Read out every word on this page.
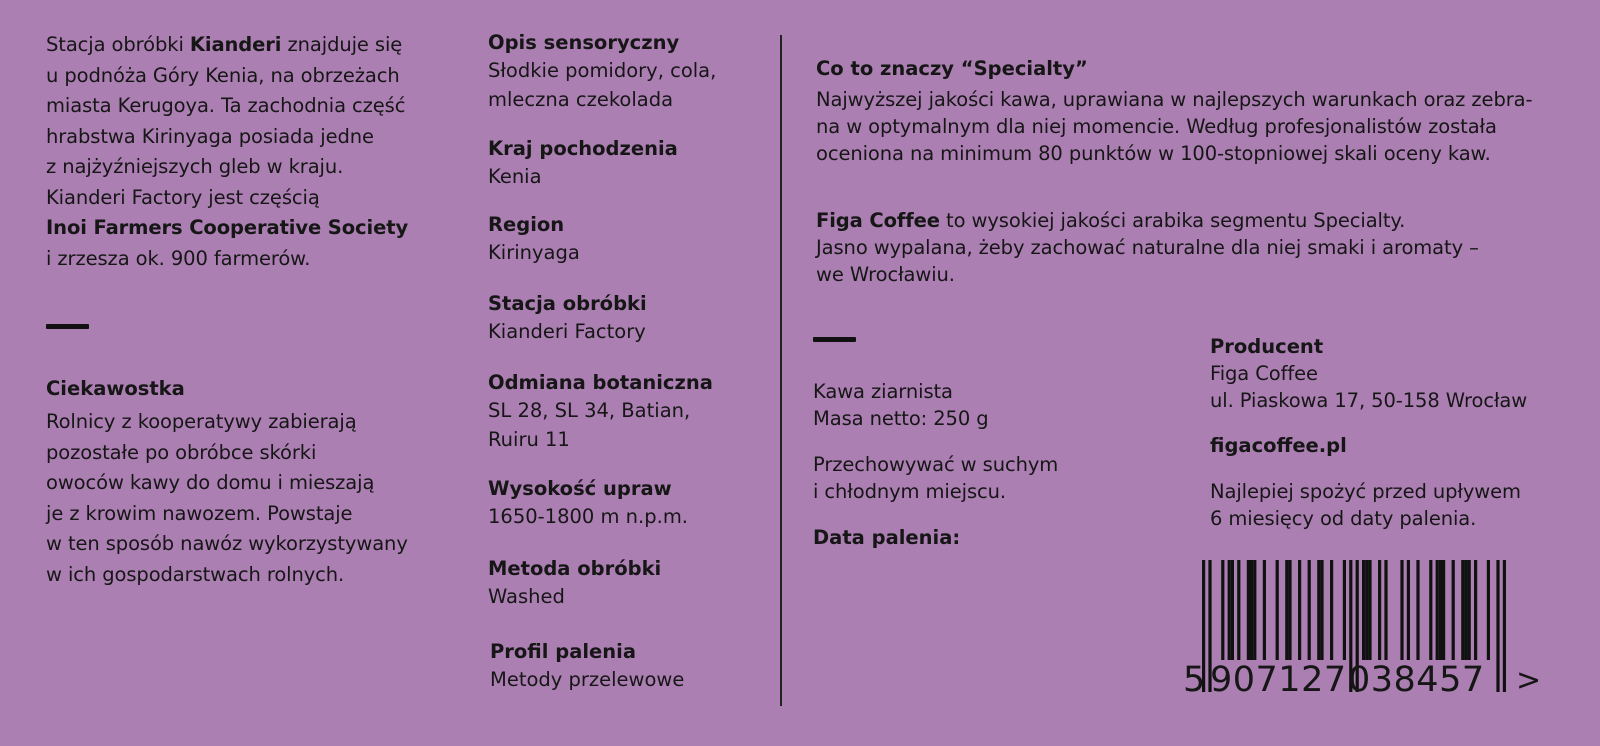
Stacja obróbki Kianderi znajduje się
u podnóża Góry Kenia, na obrzeżach
miasta Kerugoya. Ta zachodnia część
hrabstwa Kirinyaga posiada jedne
z najżyźniejszych gleb w kraju.
Kianderi Factory jest częścią
Inoi Farmers Cooperative Society
i zrzesza ok. 900 farmerów.
Ciekawostka
Rolnicy z kooperatywy zabierają
pozostałe po obróbce skórki
owoców kawy do domu i mieszają
je z krowim nawozem. Powstaje
w ten sposób nawóz wykorzystywany
w ich gospodarstwach rolnych.
Opis sensoryczny
Słodkie pomidory, cola,
mleczna czekolada
Kraj pochodzenia
Kenia
Region
Kirinyaga
Stacja obróbki
Kianderi Factory
Odmiana botaniczna
SL 28, SL 34, Batian,
Ruiru 11
Wysokość upraw
1650-1800 m n.p.m.
Metoda obróbki
Washed
Profil palenia
Metody przelewowe
Co to znaczy “Specialty”
Najwyższej jakości kawa, uprawiana w najlepszych warunkach oraz zebra-
na w optymalnym dla niej momencie. Według profesjonalistów została
oceniona na minimum 80 punktów w 100-stopniowej skali oceny kaw.
Figa Coffee to wysokiej jakości arabika segmentu Specialty.
Jasno wypalana, żeby zachować naturalne dla niej smaki i aromaty –
we Wrocławiu.
Kawa ziarnista
Masa netto: 250 g
Przechowywać w suchym
i chłodnym miejscu.
Data palenia:
Producent
Figa Coffee
ul. Piaskowa 17, 50-158 Wrocław
figacoffee.pl
Najlepiej spożyć przed upływem
6 miesięcy od daty palenia.
5 907127 038457 >
